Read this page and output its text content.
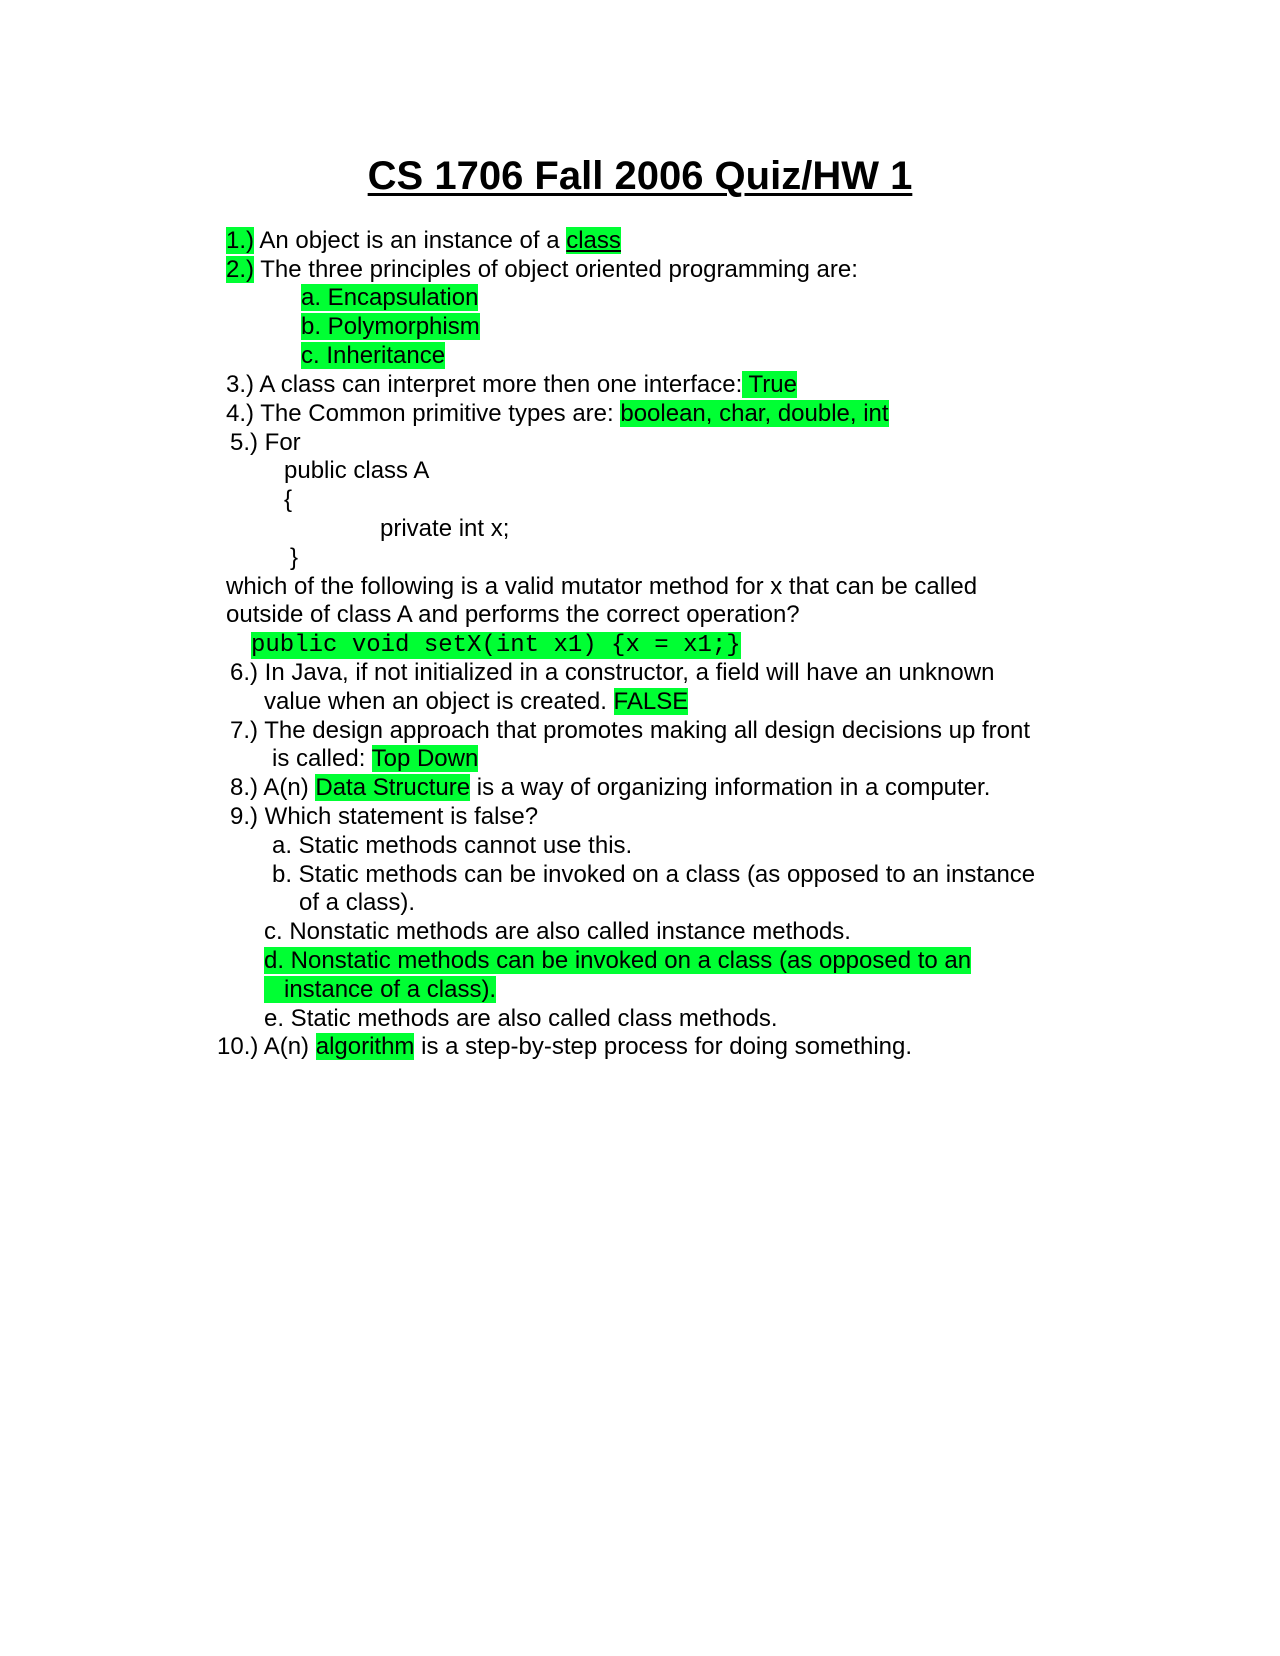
CS 1706 Fall 2006 Quiz/HW 1
1.) An object is an instance of a class
2.) The three principles of object oriented programming are:
a. Encapsulation
b. Polymorphism
c. Inheritance
3.) A class can interpret more then one interface: True
4.) The Common primitive types are: boolean, char, double, int
5.) For
public class A
{
private int x;
}
which of the following is a valid mutator method for x that can be called
outside of class A and performs the correct operation?
public void setX(int x1) {x = x1;}
6.) In Java, if not initialized in a constructor, a field will have an unknown
value when an object is created. FALSE
7.) The design approach that promotes making all design decisions up front
is called: Top Down
8.) A(n) Data Structure is a way of organizing information in a computer.
9.) Which statement is false?
a. Static methods cannot use this.
b. Static methods can be invoked on a class (as opposed to an instance
of a class).
c. Nonstatic methods are also called instance methods.
d. Nonstatic methods can be invoked on a class (as opposed to an
instance of a class).
e. Static methods are also called class methods.
10.) A(n) algorithm is a step-by-step process for doing something.
